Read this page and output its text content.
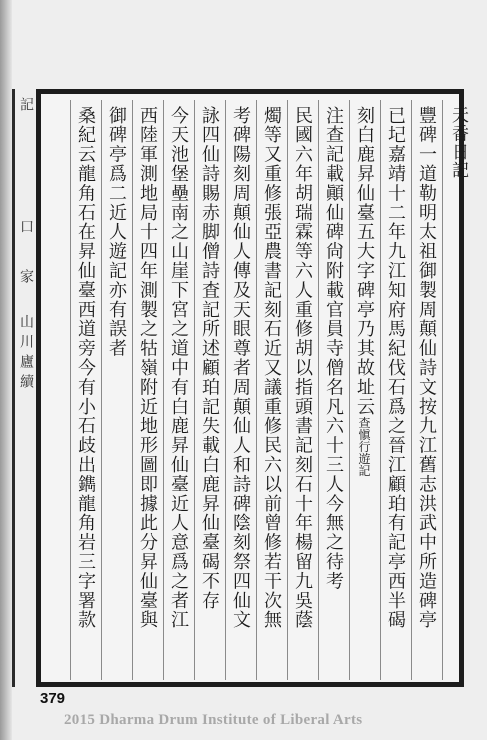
記
口
家
山
川
廬
續
天香日記
豐碑一道勒明太祖御製周顛仙詩文按九江舊志洪武中所造碑亭
已圮嘉靖十二年九江知府馬紀伐石爲之晉江顧珀有記亭西半碣
刻白鹿昇仙臺五大字碑亭乃其故址云查愼行遊記
注查記載顚仙碑尙附載官員寺僧名凡六十三人今無之待考
民國六年胡瑞霖等六人重修胡以指頭書記刻石十年楊留九吳蔭
燭等又重修張亞農書記刻石近又議重修民六以前曾修若干次無
考碑陽刻周顛仙人傳及天眼尊者周顛仙人和詩碑陰刻祭四仙文
詠四仙詩賜赤脚僧詩査記所述顧珀記失載白鹿昇仙臺碣不存
今天池堡壘南之山崖下宮之道中有白鹿昇仙臺近人意爲之者江
西陸軍測地局十四年測製之牯嶺附近地形圖即據此分昇仙臺與
御碑亭爲二近人遊記亦有誤者
桑紀云龍角石在昇仙臺西道旁今有小石歧出鐫龍角岩三字署款
379
2015 Dharma Drum Institute of Liberal Arts
